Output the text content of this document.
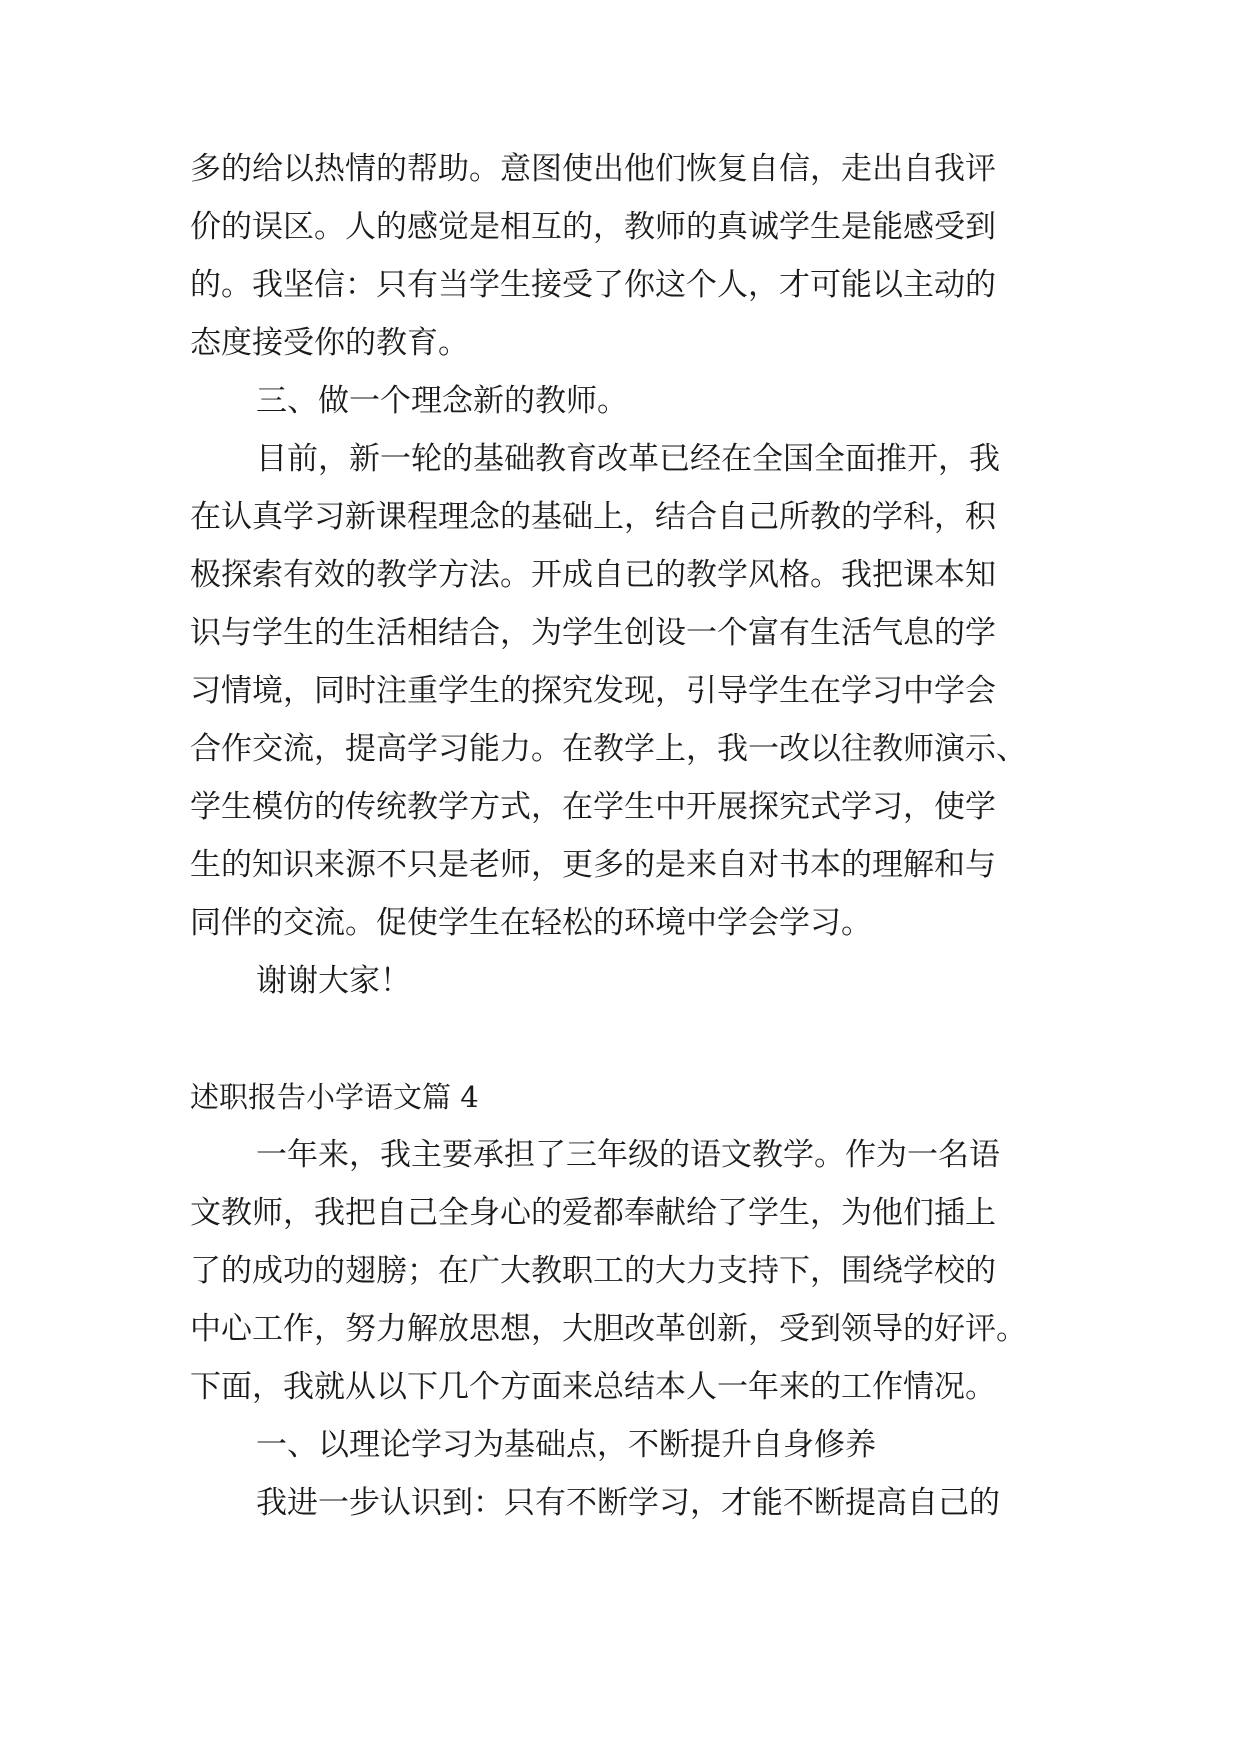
多的给以热情的帮助。意图使出他们恢复自信，走出自我评
价的误区。人的感觉是相互的，教师的真诚学生是能感受到
的。我坚信：只有当学生接受了你这个人，才可能以主动的
态度接受你的教育。
三、做一个理念新的教师。
目前，新一轮的基础教育改革已经在全国全面推开，我
在认真学习新课程理念的基础上，结合自己所教的学科，积
极探索有效的教学方法。开成自已的教学风格。我把课本知
识与学生的生活相结合，为学生创设一个富有生活气息的学
习情境，同时注重学生的探究发现，引导学生在学习中学会
合作交流，提高学习能力。在教学上，我一改以往教师演示、
学生模仿的传统教学方式，在学生中开展探究式学习，使学
生的知识来源不只是老师，更多的是来自对书本的理解和与
同伴的交流。促使学生在轻松的环境中学会学习。
谢谢大家！
述职报告小学语文篇 4
一年来，我主要承担了三年级的语文教学。作为一名语
文教师，我把自己全身心的爱都奉献给了学生，为他们插上
了的成功的翅膀；在广大教职工的大力支持下，围绕学校的
中心工作，努力解放思想，大胆改革创新，受到领导的好评。
下面，我就从以下几个方面来总结本人一年来的工作情况。
一、以理论学习为基础点，不断提升自身修养
我进一步认识到：只有不断学习，才能不断提高自己的
